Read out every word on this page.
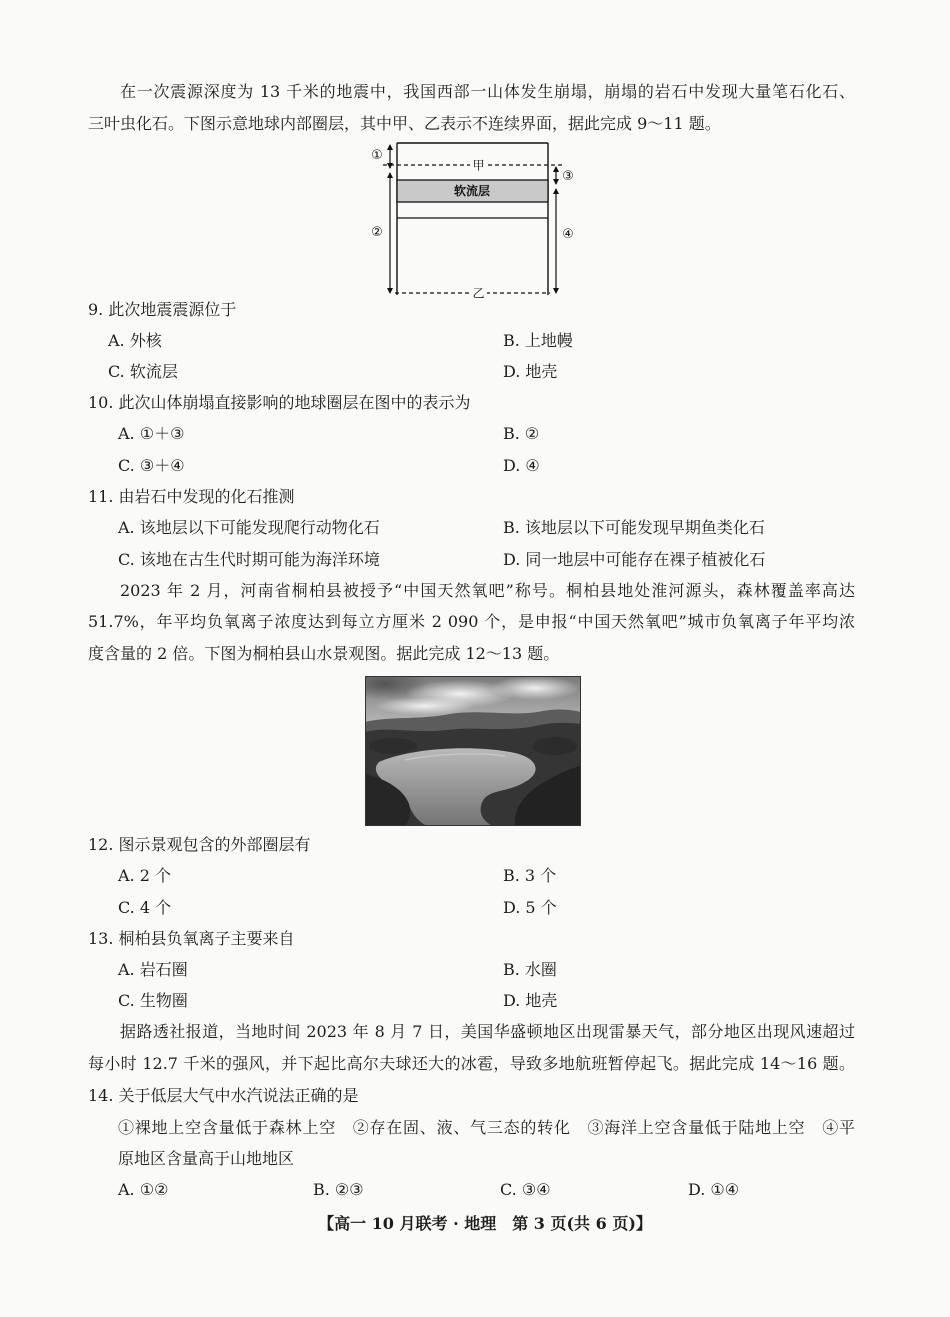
在一次震源深度为 13 千米的地震中，我国西部一山体发生崩塌，崩塌的岩石中发现大量笔石化石、
三叶虫化石。下图示意地球内部圈层，其中甲、乙表示不连续界面，据此完成 9～11 题。
甲
软流层
乙
①
②
③
④
9. 此次地震震源位于
A. 外核	B. 上地幔
C. 软流层	D. 地壳
10. 此次山体崩塌直接影响的地球圈层在图中的表示为
A. ①＋③	B. ②
C. ③＋④	D. ④
11. 由岩石中发现的化石推测
A. 该地层以下可能发现爬行动物化石	B. 该地层以下可能发现早期鱼类化石
C. 该地在古生代时期可能为海洋环境	D. 同一地层中可能存在裸子植被化石
2023 年 2 月，河南省桐柏县被授予“中国天然氧吧”称号。桐柏县地处淮河源头，森林覆盖率高达
51.7%，年平均负氧离子浓度达到每立方厘米 2 090 个，是申报“中国天然氧吧”城市负氧离子年平均浓
度含量的 2 倍。下图为桐柏县山水景观图。据此完成 12～13 题。
12. 图示景观包含的外部圈层有
A. 2 个	B. 3 个
C. 4 个	D. 5 个
13. 桐柏县负氧离子主要来自
A. 岩石圈	B. 水圈
C. 生物圈	D. 地壳
据路透社报道，当地时间 2023 年 8 月 7 日，美国华盛顿地区出现雷暴天气，部分地区出现风速超过
每小时 12.7 千米的强风，并下起比高尔夫球还大的冰雹，导致多地航班暂停起飞。据此完成 14～16 题。
14. 关于低层大气中水汽说法正确的是
①裸地上空含量低于森林上空　②存在固、液、气三态的转化　③海洋上空含量低于陆地上空　④平
原地区含量高于山地地区
A. ①②	B. ②③	C. ③④	D. ①④
【高一 10 月联考 · 地理　第 3 页(共 6 页)】
